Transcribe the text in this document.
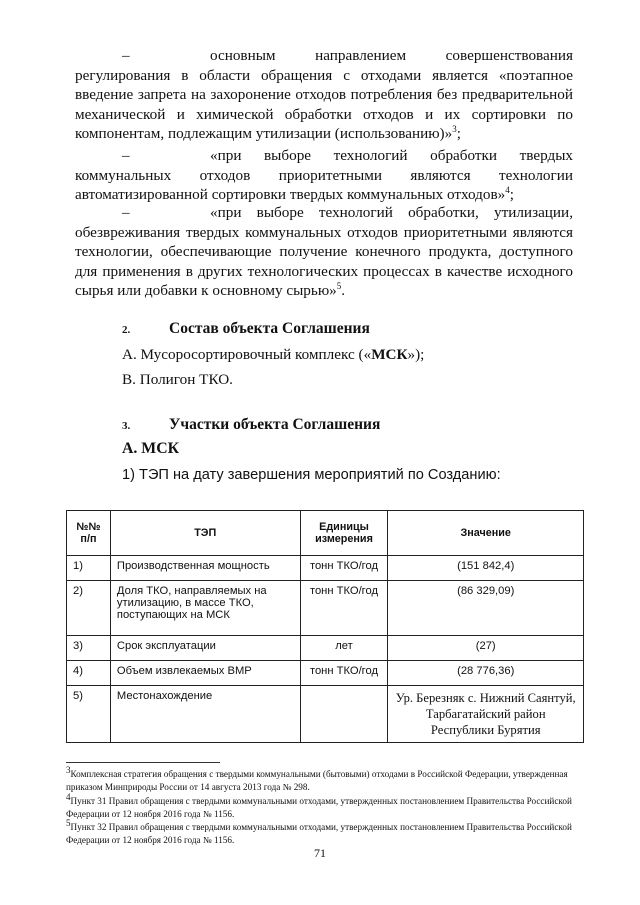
–	основным направлением совершенствования регулирования в области обращения с отходами является «поэтапное введение запрета на захоронение отходов потребления без предварительной механической и химической обработки отходов и их сортировки по компонентам, подлежащим утилизации (использованию)»$^3$;

–	«при выборе технологий обработки твердых коммунальных отходов приоритетными являются технологии автоматизированной сортировки твердых коммунальных отходов»$^4$;

–	«при выборе технологий обработки, утилизации, обезвреживания твердых коммунальных отходов приоритетными являются технологии, обеспечивающие получение конечного продукта, доступного для применения в других технологических процессах в качестве исходного сырья или добавки к основному сырью»$^5$.

2.	Состав объекта Соглашения

А. Мусоросортировочный комплекс («МСК»);

В. Полигон ТКО.

3.	Участки объекта Соглашения

А. МСК

1) ТЭП на дату завершения мероприятий по Созданию:

№№ п/п	ТЭП	Единицы измерения	Значение
1)	Производственная мощность	тонн ТКО/год	(151 842,4)
2)	Доля ТКО, направляемых на утилизацию, в массе ТКО, поступающих на МСК	тонн ТКО/год	(86 329,09)
3)	Срок эксплуатации	лет	(27)
4)	Объем извлекаемых ВМР	тонн ТКО/год	(28 776,36)
5)	Местонахождение		Ур. Березняк с. Нижний Саянтуй, Тарбагатайский район Республики Бурятия

$^3$Комплексная стратегия обращения с твердыми коммунальными (бытовыми) отходами в Российской Федерации, утвержденная приказом Минприроды России от 14 августа 2013 года № 298.

$^4$Пункт 31 Правил обращения с твердыми коммунальными отходами, утвержденных постановлением Правительства Российской Федерации от 12 ноября 2016 года № 1156.

$^5$Пункт 32 Правил обращения с твердыми коммунальными отходами, утвержденных постановлением Правительства Российской Федерации от 12 ноября 2016 года № 1156.

71
